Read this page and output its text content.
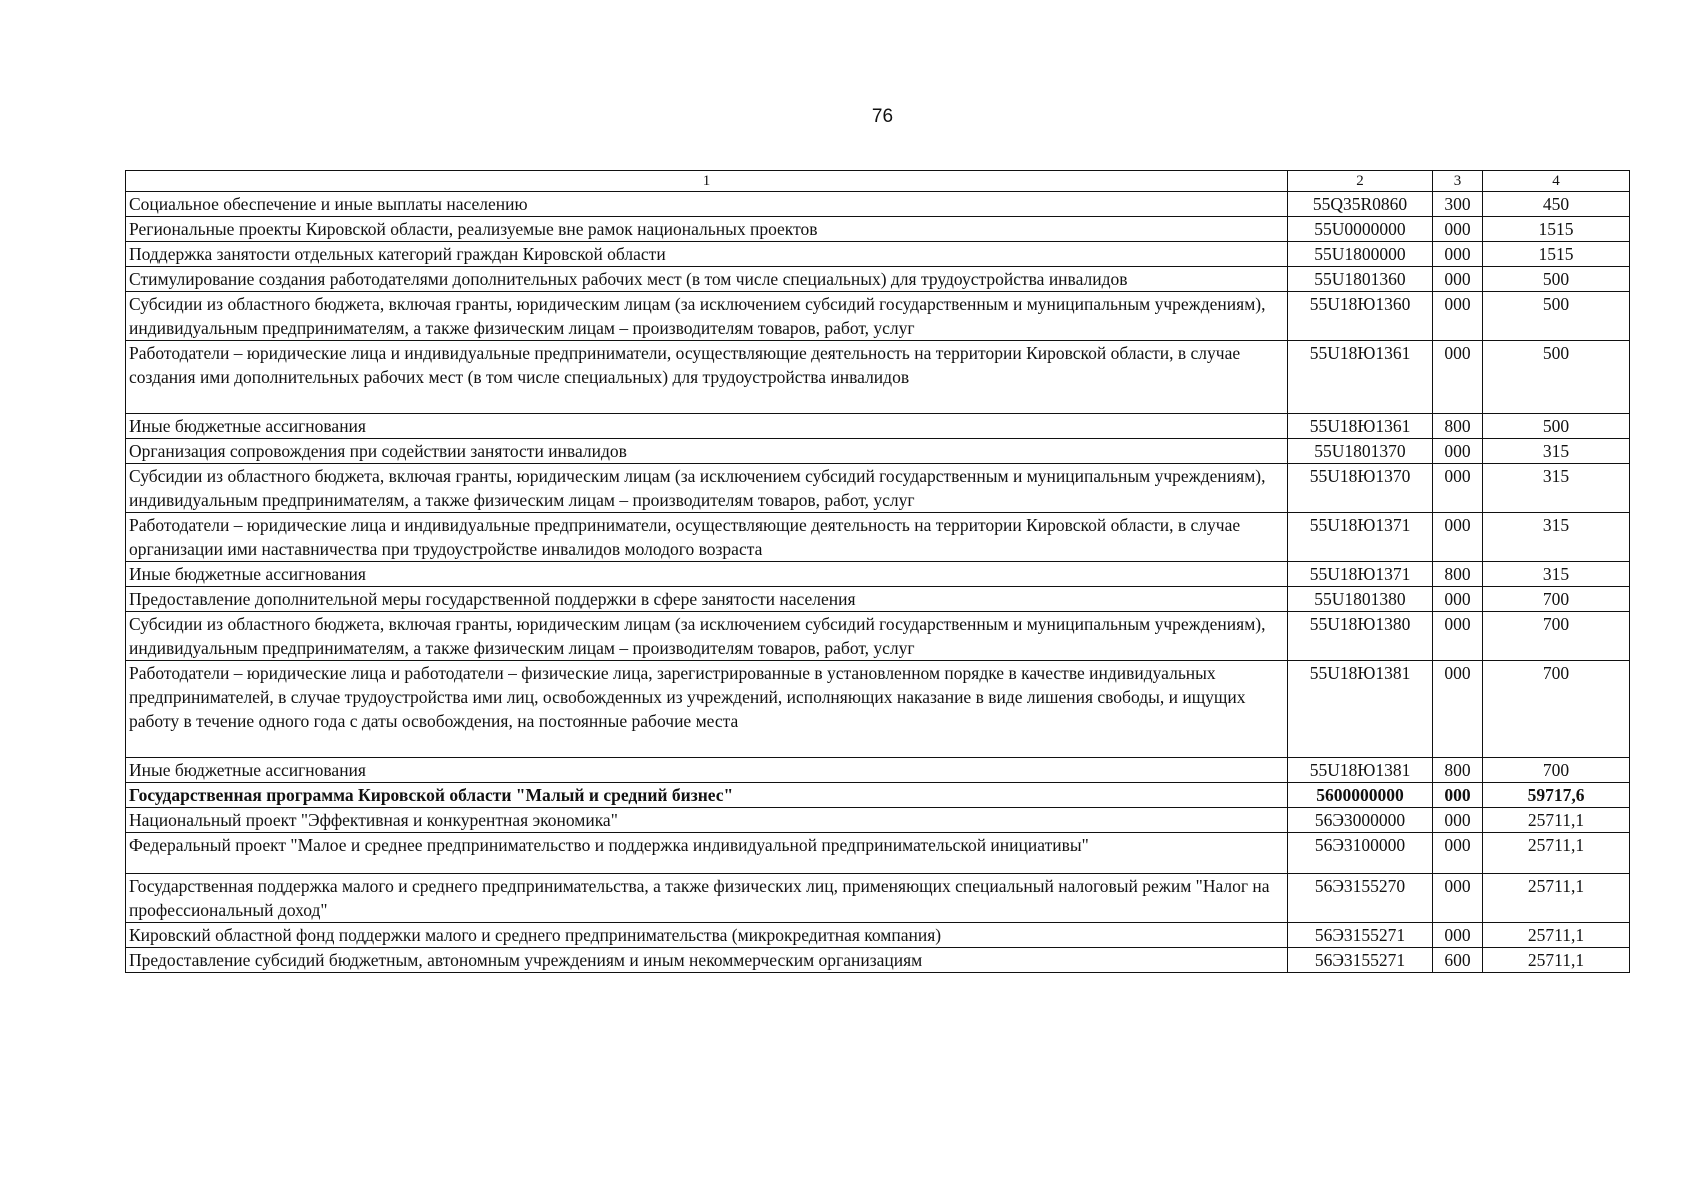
76
1	2	3	4
Социальное обеспечение и иные выплаты населению	55Q35R0860	300	450
Региональные проекты Кировской области, реализуемые вне рамок национальных проектов	55U0000000	000	1515
Поддержка занятости отдельных категорий граждан Кировской области	55U1800000	000	1515
Стимулирование создания работодателями дополнительных рабочих мест (в том числе специальных) для трудоустройства инвалидов	55U1801360	000	500
Субсидии из областного бюджета, включая гранты, юридическим лицам (за исключением субсидий государственным и муниципальным учреждениям), индивидуальным предпринимателям, а также физическим лицам – производителям товаров, работ, услуг	55U18Ю1360	000	500
Работодатели – юридические лица и индивидуальные предприниматели, осуществляющие деятельность на территории Кировской области, в случае создания ими дополнительных рабочих мест (в том числе специальных) для трудоустройства инвалидов	55U18Ю1361	000	500
Иные бюджетные ассигнования	55U18Ю1361	800	500
Организация сопровождения при содействии занятости инвалидов	55U1801370	000	315
Субсидии из областного бюджета, включая гранты, юридическим лицам (за исключением субсидий государственным и муниципальным учреждениям), индивидуальным предпринимателям, а также физическим лицам – производителям товаров, работ, услуг	55U18Ю1370	000	315
Работодатели – юридические лица и индивидуальные предприниматели, осуществляющие деятельность на территории Кировской области, в случае организации ими наставничества при трудоустройстве инвалидов молодого возраста	55U18Ю1371	000	315
Иные бюджетные ассигнования	55U18Ю1371	800	315
Предоставление дополнительной меры государственной поддержки в сфере занятости населения	55U1801380	000	700
Субсидии из областного бюджета, включая гранты, юридическим лицам (за исключением субсидий государственным и муниципальным учреждениям), индивидуальным предпринимателям, а также физическим лицам – производителям товаров, работ, услуг	55U18Ю1380	000	700
Работодатели – юридические лица и работодатели – физические лица, зарегистрированные в установленном порядке в качестве индивидуальных предпринимателей, в случае трудоустройства ими лиц, освобожденных из учреждений, исполняющих наказание в виде лишения свободы, и ищущих работу в течение одного года с даты освобождения, на постоянные рабочие места	55U18Ю1381	000	700
Иные бюджетные ассигнования	55U18Ю1381	800	700
Государственная программа Кировской области "Малый и средний бизнес"	5600000000	000	59717,6
Национальный проект "Эффективная и конкурентная экономика"	56Э3000000	000	25711,1
Федеральный проект "Малое и среднее предпринимательство и поддержка индивидуальной предпринимательской инициативы"	56Э3100000	000	25711,1
Государственная поддержка малого и среднего предпринимательства, а также физических лиц, применяющих специальный налоговый режим "Налог на профессиональный доход"	56Э3155270	000	25711,1
Кировский областной фонд поддержки малого и среднего предпринимательства (микрокредитная компания)	56Э3155271	000	25711,1
Предоставление субсидий бюджетным, автономным учреждениям и иным некоммерческим организациям	56Э3155271	600	25711,1
